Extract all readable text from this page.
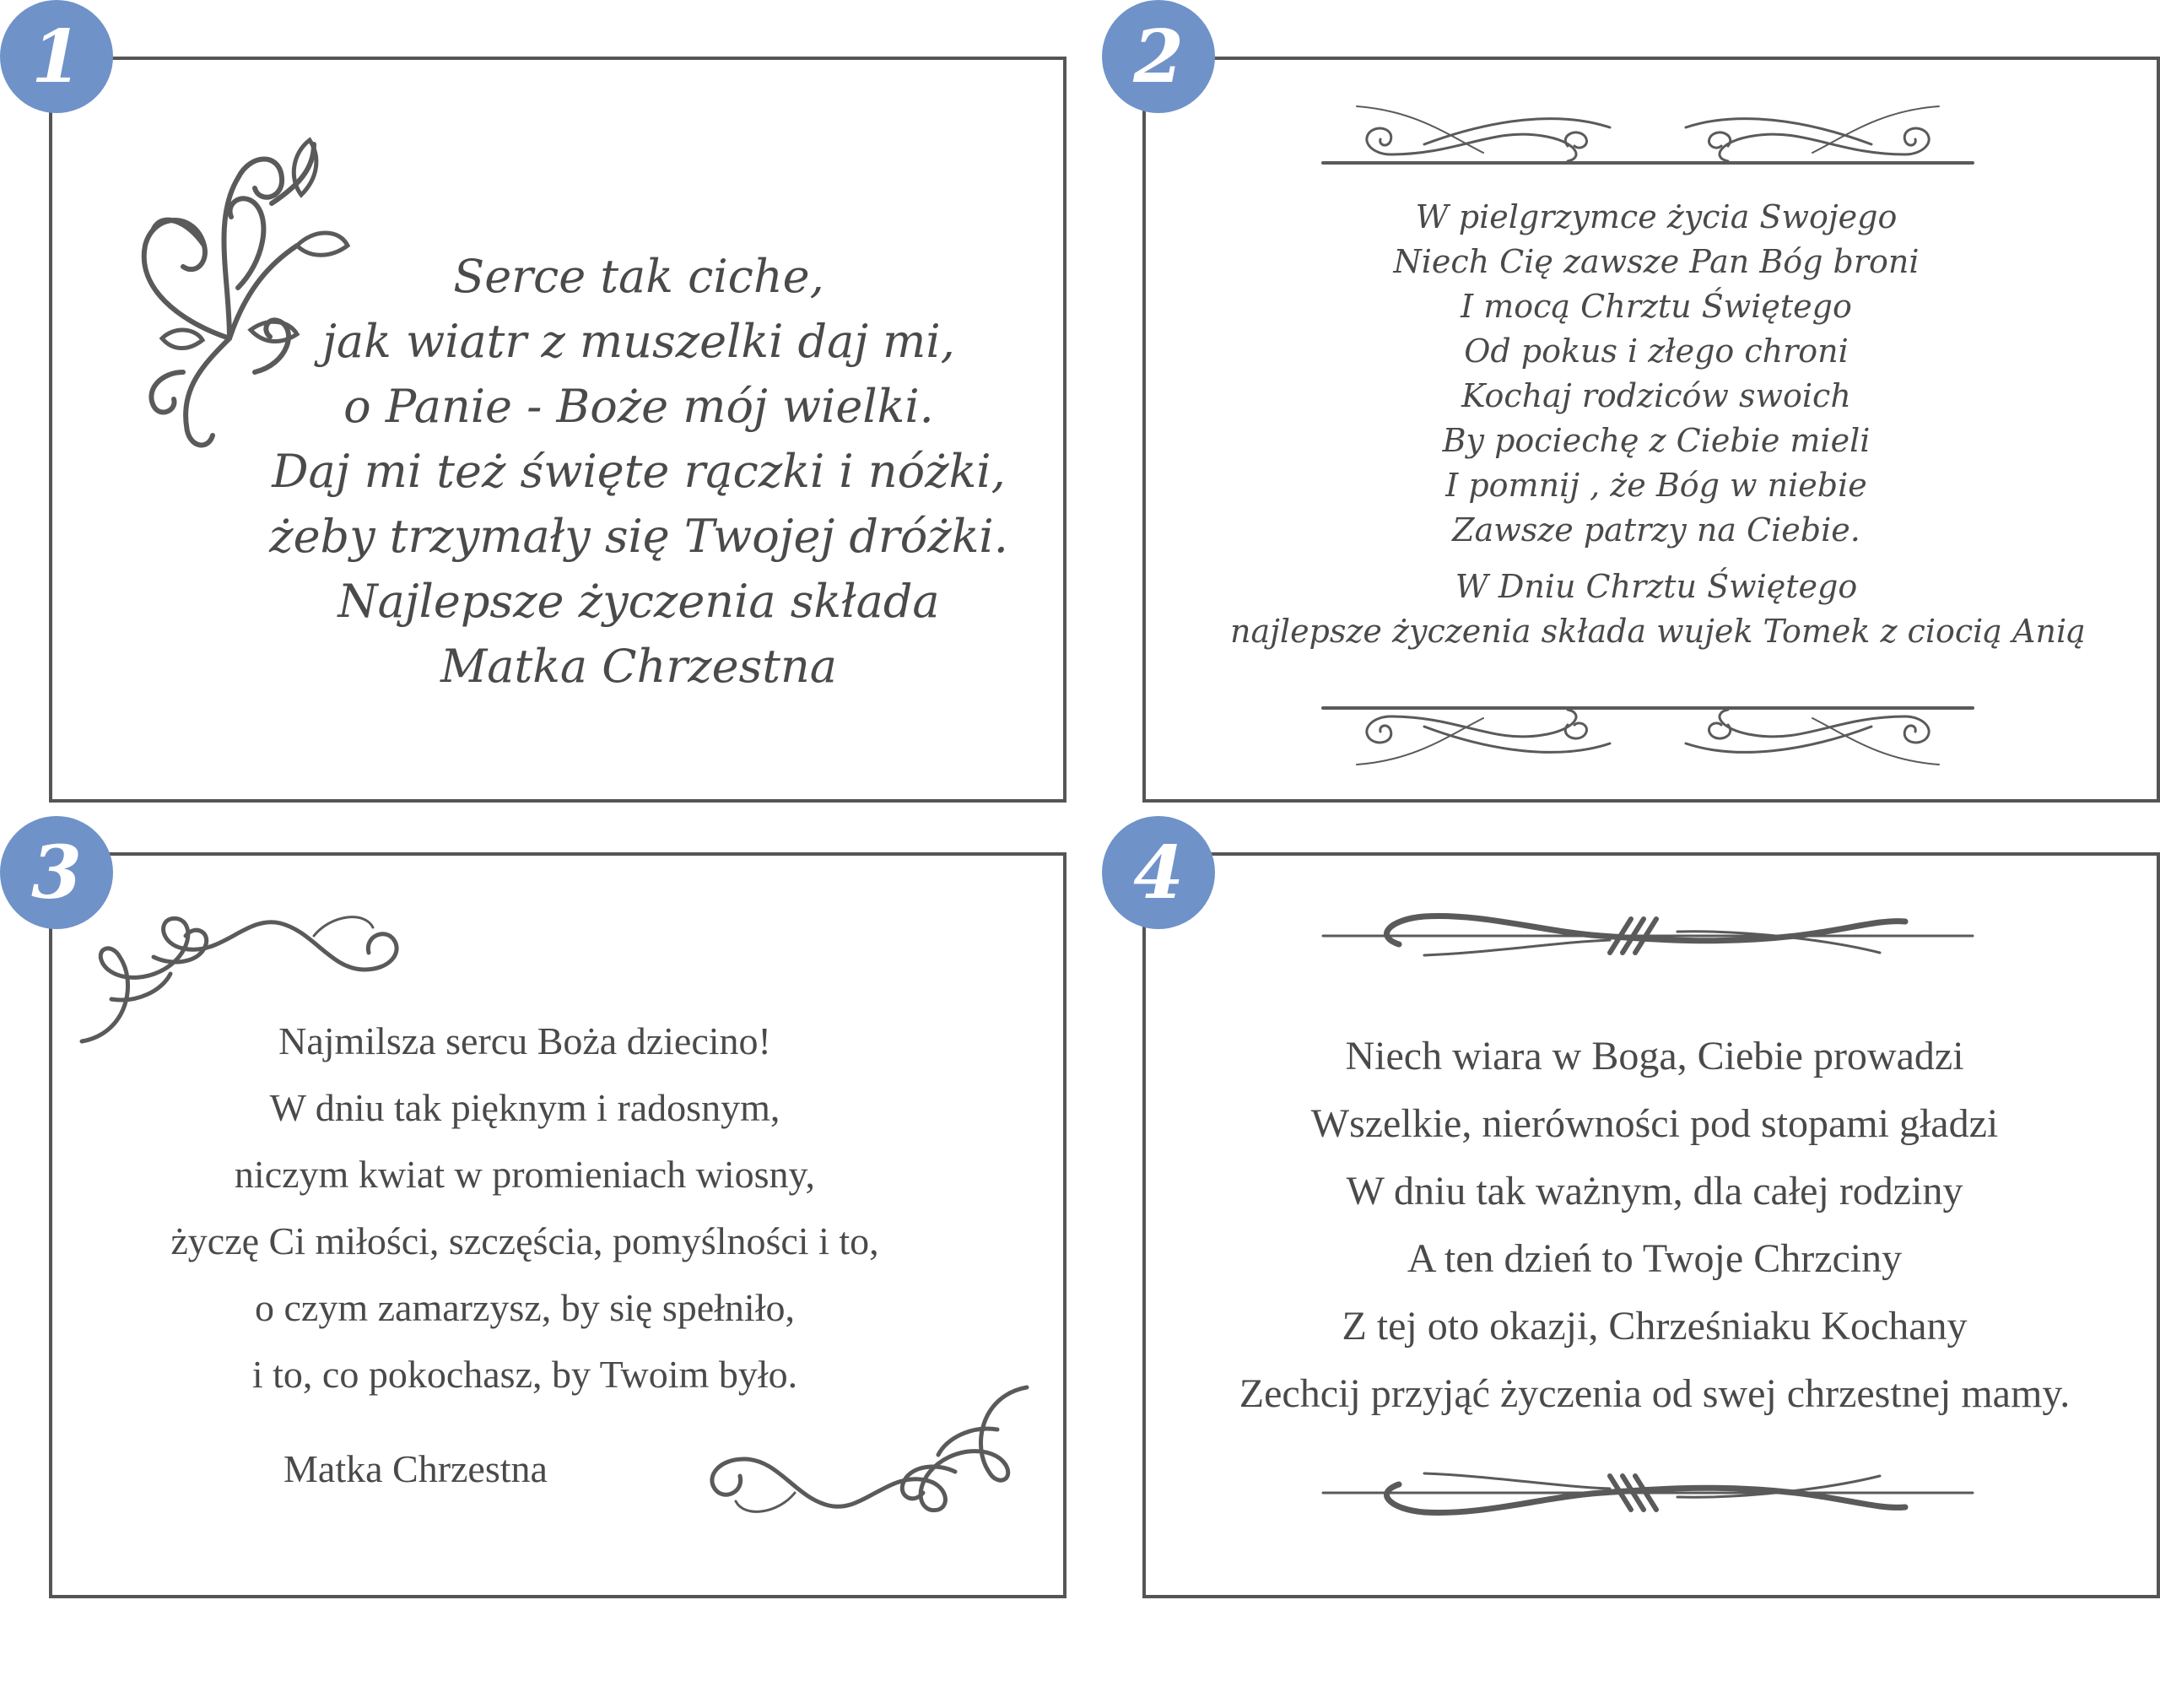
Serce tak ciche,
jak wiatr z muszelki daj mi,
o Panie - Boże mój wielki.
Daj mi też święte rączki i nóżki,
żeby trzymały się Twojej dróżki.
Najlepsze życzenia składa
Matka Chrzestna
W pielgrzymce życia Swojego
Niech Cię zawsze Pan Bóg broni
I mocą Chrztu Świętego
Od pokus i złego chroni
Kochaj rodziców swoich
By pociechę z Ciebie mieli
I pomnij , że Bóg w niebie
Zawsze patrzy na Ciebie.
W Dniu Chrztu Świętego
najlepsze życzenia składa wujek Tomek z ciocią Anią
Najmilsza sercu Boża dziecino!
W dniu tak pięknym i radosnym,
niczym kwiat w promieniach wiosny,
życzę Ci miłości, szczęścia, pomyślności i to,
o czym zamarzysz, by się spełniło,
i to, co pokochasz, by Twoim było.
Matka Chrzestna
Niech wiara w Boga, Ciebie prowadzi
Wszelkie, nierówności pod stopami gładzi
W dniu tak ważnym, dla całej rodziny
A ten dzień to Twoje Chrzciny
Z tej oto okazji, Chrześniaku Kochany
Zechcij przyjąć życzenia od swej chrzestnej mamy.
1	2
3	4
